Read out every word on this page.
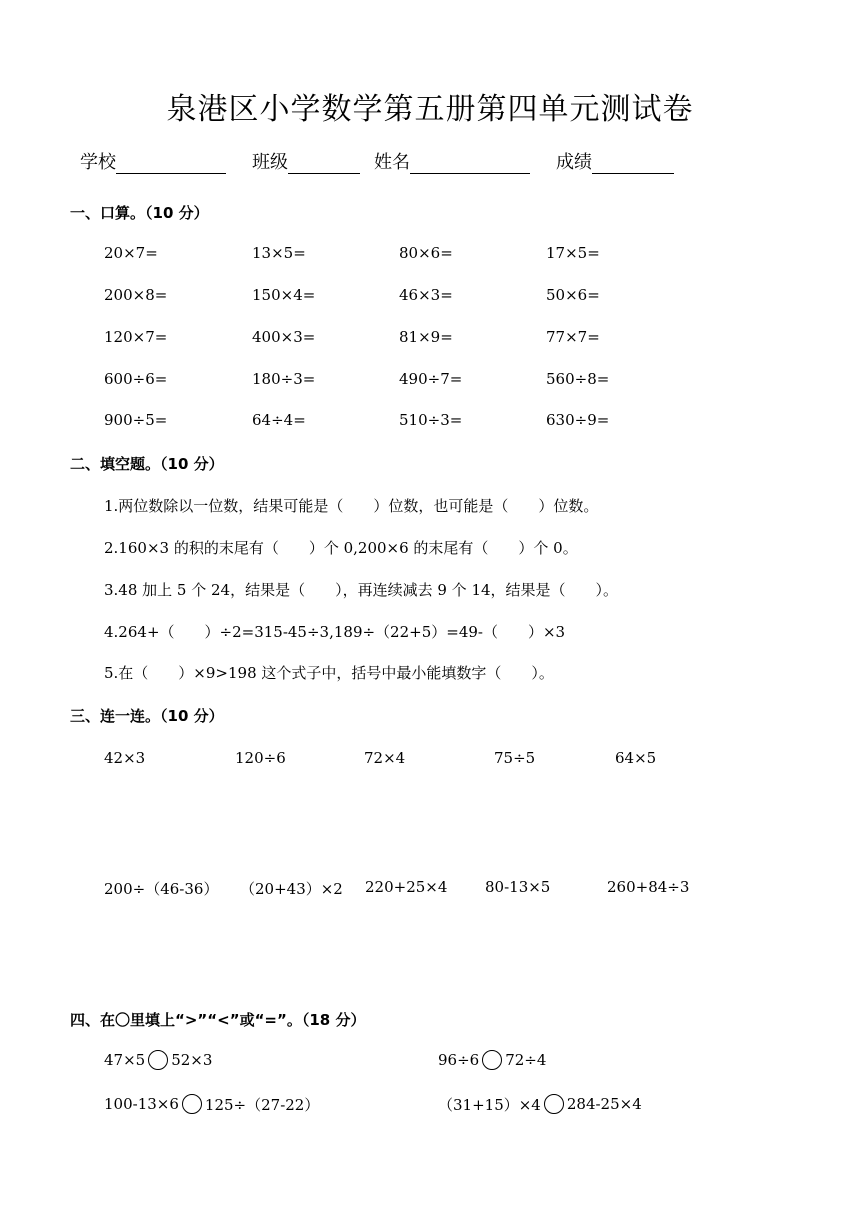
泉港区小学数学第五册第四单元测试卷
学校	班级	姓名	成绩
一、口算。（10 分）
20×7=	13×5=	80×6=	17×5=
200×8=	150×4=	46×3=	50×6=
120×7=	400×3=	81×9=	77×7=
600÷6=	180÷3=	490÷7=	560÷8=
900÷5=	64÷4=	510÷3=	630÷9=
二、填空题。（10 分）
1.两位数除以一位数，结果可能是（　　）位数，也可能是（　　）位数。
2.160×3 的积的末尾有（　　）个 0,200×6 的末尾有（　　）个 0。
3.48 加上 5 个 24，结果是（　　），再连续减去 9 个 14，结果是（　　）。
4.264+（　　）÷2=315-45÷3,189÷（22+5）=49-（　　）×3
5.在（　　）×9>198 这个式子中，括号中最小能填数字（　　）。
三、连一连。（10 分）
42×3	120÷6	72×4	75÷5	64×5
200÷（46-36） （20+43）×2 220+25×4	80-13×5	260+84÷3
四、在〇里填上“>”“<”或“=”。（18 分）
47×5 52×3	96÷6 72÷4
100-13×6 125÷（27-22）	（31+15）×4 284-25×4
